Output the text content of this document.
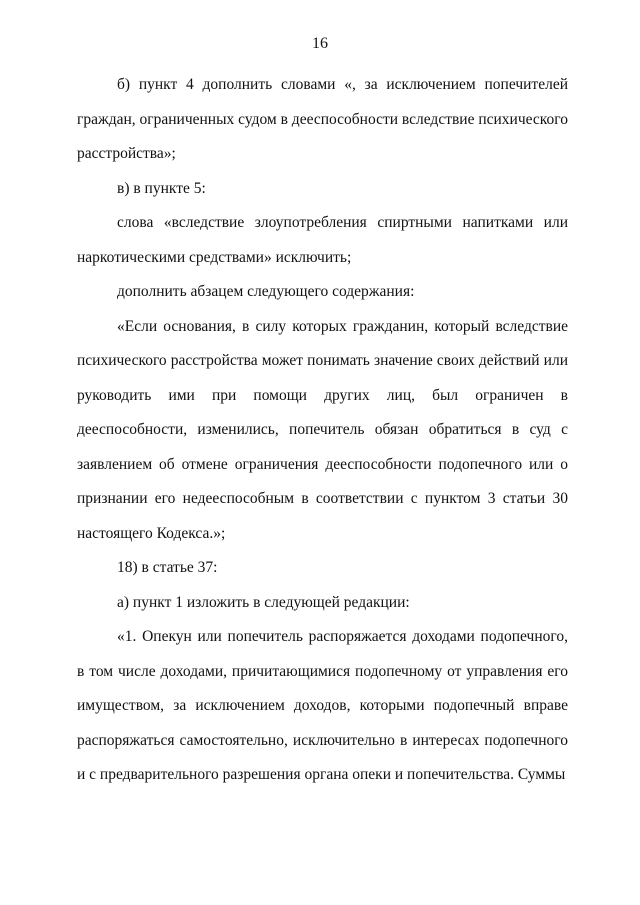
16

б) пункт 4 дополнить словами «, за исключением попечителей граждан, ограниченных судом в дееспособности вследствие психического расстройства»;

в) в пункте 5:

слова «вследствие злоупотребления спиртными напитками или наркотическими средствами» исключить;

дополнить абзацем следующего содержания:

«Если основания, в силу которых гражданин, который вследствие психического расстройства может понимать значение своих действий или руководить ими при помощи других лиц, был ограничен в дееспособности, изменились, попечитель обязан обратиться в суд с заявлением об отмене ограничения дееспособности подопечного или о признании его недееспособным в соответствии с пунктом 3 статьи 30 настоящего Кодекса.»;

18) в статье 37:

а) пункт 1 изложить в следующей редакции:

«1. Опекун или попечитель распоряжается доходами подопечного, в том числе доходами, причитающимися подопечному от управления его имуществом, за исключением доходов, которыми подопечный вправе распоряжаться самостоятельно, исключительно в интересах подопечного и с предварительного разрешения органа опеки и попечительства. Суммы
